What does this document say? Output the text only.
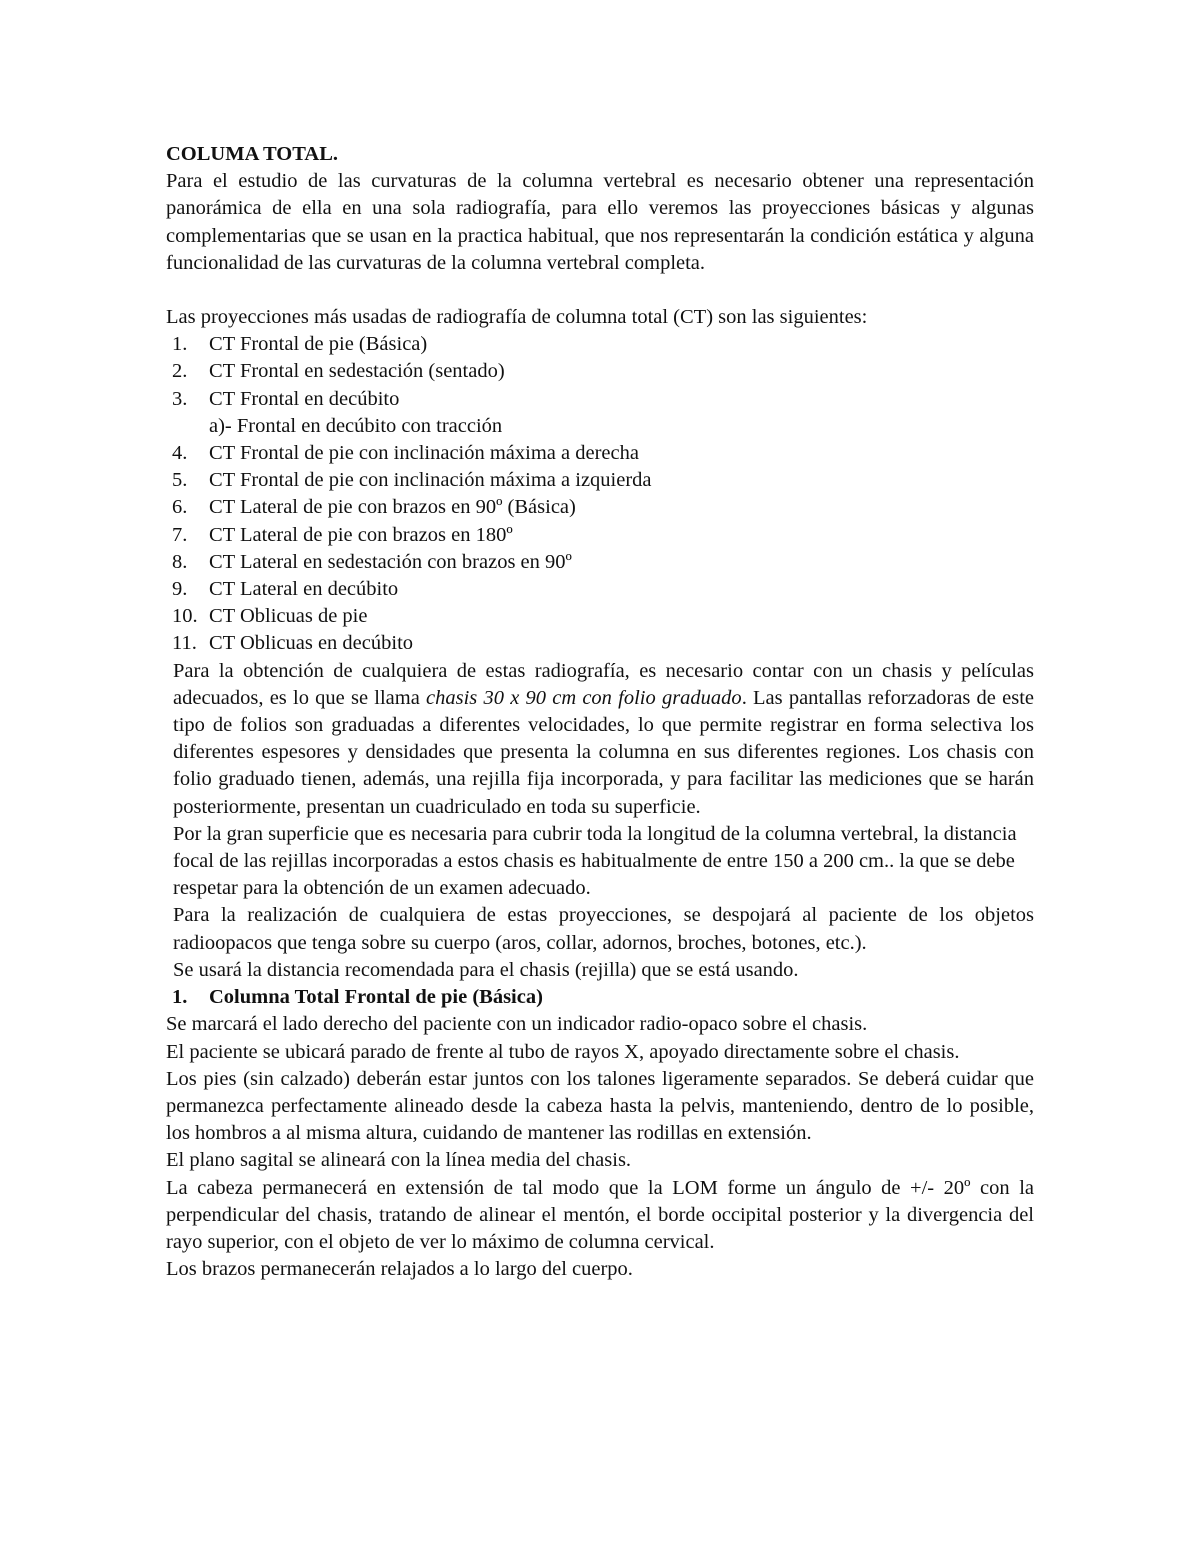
COLUMA TOTAL.

Para el estudio de las curvaturas de la columna vertebral es necesario obtener una representación panorámica de ella en una sola radiografía, para ello veremos las proyecciones básicas y algunas complementarias que se usan en la practica habitual, que nos representarán la condición estática y alguna funcionalidad de las curvaturas de la columna vertebral completa.

Las proyecciones más usadas de radiografía de columna total (CT) son las siguientes:

1.	CT Frontal de pie (Básica)
2.	CT Frontal en sedestación (sentado)
3.	CT Frontal en decúbito
a)- Frontal en decúbito con tracción
4.	CT Frontal de pie con inclinación máxima a derecha
5.	CT Frontal de pie con inclinación máxima a izquierda
6.	CT Lateral de pie con brazos en 90º (Básica)
7.	CT Lateral de pie con brazos en 180º
8.	CT Lateral en sedestación con brazos en 90º
9.	CT Lateral en decúbito
10. CT Oblicuas de pie
11. CT Oblicuas en decúbito

Para la obtención de cualquiera de estas radiografía, es necesario contar con un chasis y películas adecuados, es lo que se llama chasis 30 x 90 cm con folio graduado. Las pantallas reforzadoras de este tipo de folios son graduadas a diferentes velocidades, lo que permite registrar en forma selectiva los diferentes espesores y densidades que presenta la columna en sus diferentes regiones. Los chasis con folio graduado tienen, además, una rejilla fija incorporada, y para facilitar las mediciones que se harán posteriormente, presentan un cuadriculado en toda su superficie.

Por la gran superficie que es necesaria para cubrir toda la longitud de la columna vertebral, la distancia focal de las rejillas incorporadas a estos chasis es habitualmente de entre 150 a 200 cm.. la que se debe respetar para la obtención de un examen adecuado.

Para la realización de cualquiera de estas proyecciones, se despojará al paciente de los objetos radioopacos que tenga sobre su cuerpo (aros, collar, adornos, broches, botones, etc.).

Se usará la distancia recomendada para el chasis (rejilla) que se está usando.

1.	Columna Total Frontal de pie (Básica)

Se marcará el lado derecho del paciente con un indicador radio-opaco sobre el chasis.

El paciente se ubicará parado de frente al tubo de rayos X, apoyado directamente sobre el chasis.

Los pies (sin calzado) deberán estar juntos con los talones ligeramente separados. Se deberá cuidar que permanezca perfectamente alineado desde la cabeza hasta la pelvis, manteniendo, dentro de lo posible, los hombros a al misma altura, cuidando de mantener las rodillas en extensión.

El plano sagital se alineará con la línea media del chasis.

La cabeza permanecerá en extensión de tal modo que la LOM forme un ángulo de +/- 20º con la perpendicular del chasis, tratando de alinear el mentón, el borde occipital posterior y la divergencia del rayo superior, con el objeto de ver lo máximo de columna cervical.

Los brazos permanecerán relajados a lo largo del cuerpo.
